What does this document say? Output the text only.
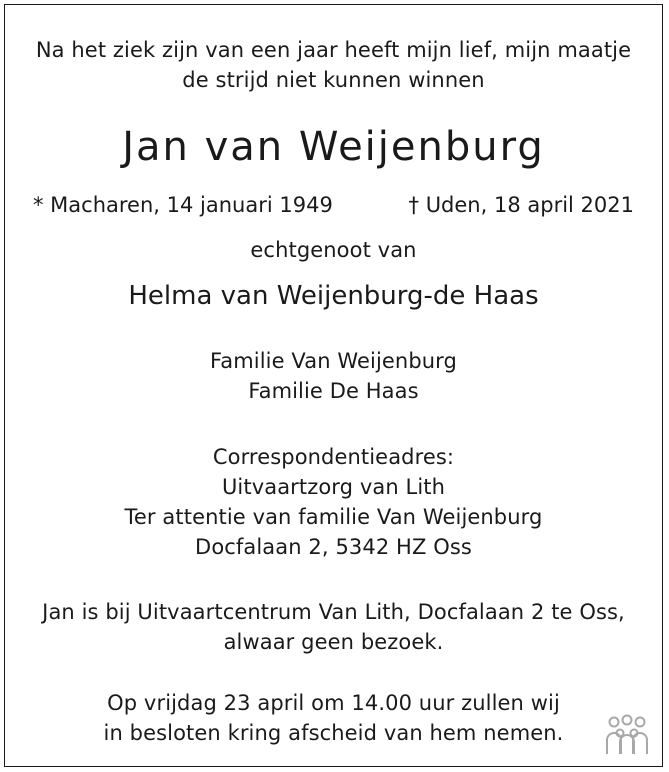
Na het ziek zijn van een jaar heeft mijn lief, mijn maatje
de strijd niet kunnen winnen
Jan van Weijenburg
* Macharen, 14 januari 1949	† Uden, 18 april 2021
echtgenoot van
Helma van Weijenburg-de Haas
Familie Van Weijenburg
Familie De Haas
Correspondentieadres:
Uitvaartzorg van Lith
Ter attentie van familie Van Weijenburg
Docfalaan 2, 5342 HZ Oss
Jan is bij Uitvaartcentrum Van Lith, Docfalaan 2 te Oss,
alwaar geen bezoek.
Op vrijdag 23 april om 14.00 uur zullen wij
in besloten kring afscheid van hem nemen.
